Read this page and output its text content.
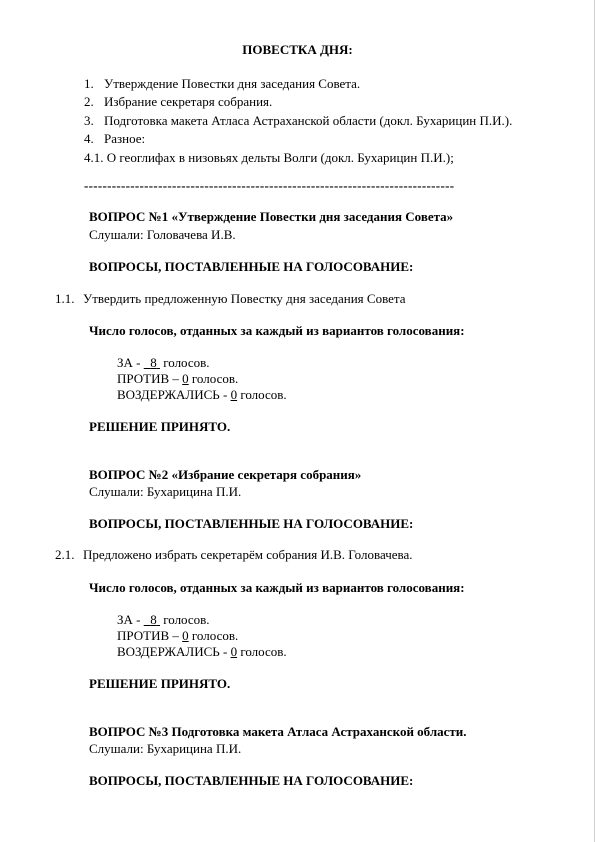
ПОВЕСТКА ДНЯ:
1. Утверждение Повестки дня заседания Совета.
2. Избрание секретаря собрания.
3. Подготовка макета Атласа Астраханской области (докл. Бухарицин П.И.).
4. Разное:
4.1. О геоглифах в низовьях дельты Волги (докл. Бухарицин П.И.);
--------------------------------------------------------------------------------
ВОПРОС №1 «Утверждение Повестки дня заседания Совета»
Слушали: Головачева И.В.
ВОПРОСЫ, ПОСТАВЛЕННЫЕ НА ГОЛОСОВАНИЕ:
1.1. Утвердить предложенную Повестку дня заседания Совета
Число голосов, отданных за каждый из вариантов голосования:
ЗА - 8 голосов.
ПРОТИВ – 0 голосов.
ВОЗДЕРЖАЛИСЬ - 0 голосов.
РЕШЕНИЕ ПРИНЯТО.
ВОПРОС №2 «Избрание секретаря собрания»
Слушали: Бухарицина П.И.
ВОПРОСЫ, ПОСТАВЛЕННЫЕ НА ГОЛОСОВАНИЕ:
2.1. Предложено избрать секретарём собрания И.В. Головачева.
Число голосов, отданных за каждый из вариантов голосования:
ЗА - 8 голосов.
ПРОТИВ – 0 голосов.
ВОЗДЕРЖАЛИСЬ - 0 голосов.
РЕШЕНИЕ ПРИНЯТО.
ВОПРОС №3 Подготовка макета Атласа Астраханской области.
Слушали: Бухарицина П.И.
ВОПРОСЫ, ПОСТАВЛЕННЫЕ НА ГОЛОСОВАНИЕ:
